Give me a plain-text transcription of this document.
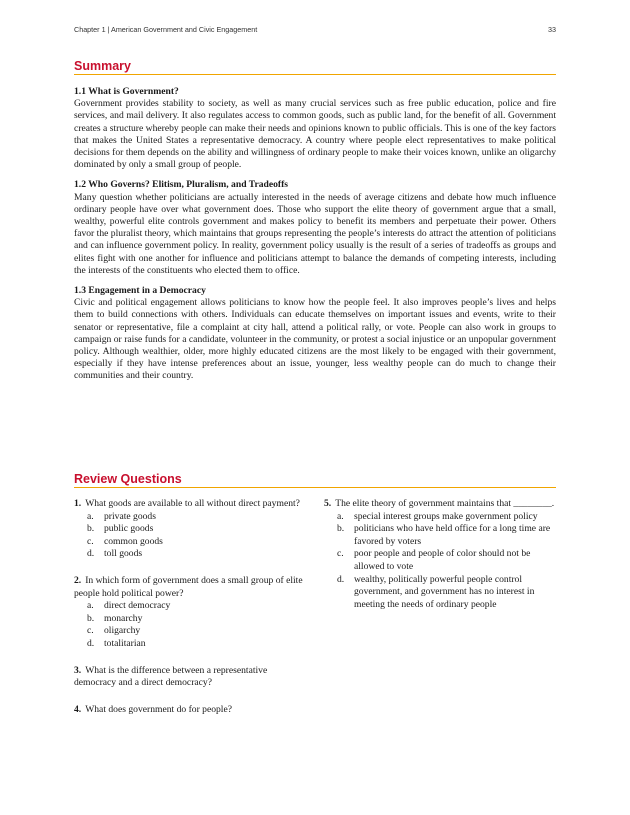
Chapter 1 | American Government and Civic Engagement	33
Summary

1.1 What is Government?

Government provides stability to society, as well as many crucial services such as free public education, police and fire services, and mail delivery. It also regulates access to common goods, such as public land, for the benefit of all. Government creates a structure whereby people can make their needs and opinions known to public officials. This is one of the key factors that makes the United States a representative democracy. A country where people elect representatives to make political decisions for them depends on the ability and willingness of ordinary people to make their voices known, unlike an oligarchy dominated by only a small group of people.

1.2 Who Governs? Elitism, Pluralism, and Tradeoffs

Many question whether politicians are actually interested in the needs of average citizens and debate how much influence ordinary people have over what government does. Those who support the elite theory of government argue that a small, wealthy, powerful elite controls government and makes policy to benefit its members and perpetuate their power. Others favor the pluralist theory, which maintains that groups representing the people’s interests do attract the attention of politicians and can influence government policy. In reality, government policy usually is the result of a series of tradeoffs as groups and elites fight with one another for influence and politicians attempt to balance the demands of competing interests, including the interests of the constituents who elected them to office.

1.3 Engagement in a Democracy

Civic and political engagement allows politicians to know how the people feel. It also improves people’s lives and helps them to build connections with others. Individuals can educate themselves on important issues and events, write to their senator or representative, file a complaint at city hall, attend a political rally, or vote. People can also work in groups to campaign or raise funds for a candidate, volunteer in the community, or protest a social injustice or an unpopular government policy. Although wealthier, older, more highly educated citizens are the most likely to be engaged with their government, especially if they have intense preferences about an issue, younger, less wealthy people can do much to change their communities and their country.

Review Questions
1. What goods are available to all without direct payment?
a.	private goods
b.	public goods
c.	common goods
d.	toll goods
2. In which form of government does a small group of elite people hold political power?
a.	direct democracy
b.	monarchy
c.	oligarchy
d.	totalitarian
3. What is the difference between a representative democracy and a direct democracy?
4. What does government do for people?
5. The elite theory of government maintains that ________.
a.	special interest groups make government policy
b.	politicians who have held office for a long time are favored by voters
c.	poor people and people of color should not be allowed to vote
d.	wealthy, politically powerful people control government, and government has no interest in meeting the needs of ordinary people
